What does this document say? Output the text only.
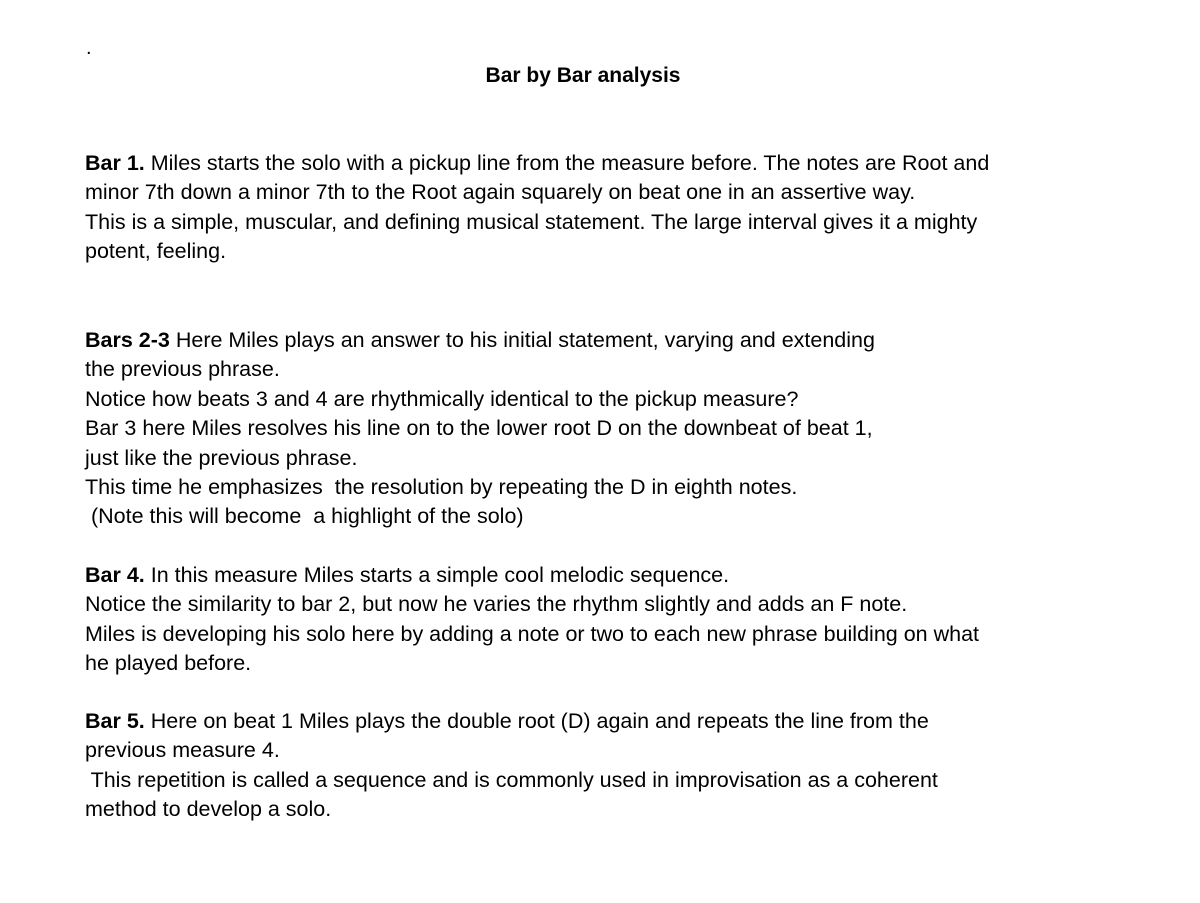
.
Bar by Bar analysis
Bar 1. Miles starts the solo with a pickup line from the measure before. The notes are Root and
minor 7th down a minor 7th to the Root again squarely on beat one in an assertive way.
This is a simple, muscular, and defining musical statement. The large interval gives it a mighty
potent, feeling.
Bars 2-3 Here Miles plays an answer to his initial statement, varying and extending
the previous phrase.
Notice how beats 3 and 4 are rhythmically identical to the pickup measure?
Bar 3 here Miles resolves his line on to the lower root D on the downbeat of beat 1,
just like the previous phrase.
This time he emphasizes  the resolution by repeating the D in eighth notes.
(Note this will become  a highlight of the solo)
Bar 4. In this measure Miles starts a simple cool melodic sequence.
Notice the similarity to bar 2, but now he varies the rhythm slightly and adds an F note.
Miles is developing his solo here by adding a note or two to each new phrase building on what
he played before.
Bar 5. Here on beat 1 Miles plays the double root (D) again and repeats the line from the
previous measure 4.
This repetition is called a sequence and is commonly used in improvisation as a coherent
method to develop a solo.
